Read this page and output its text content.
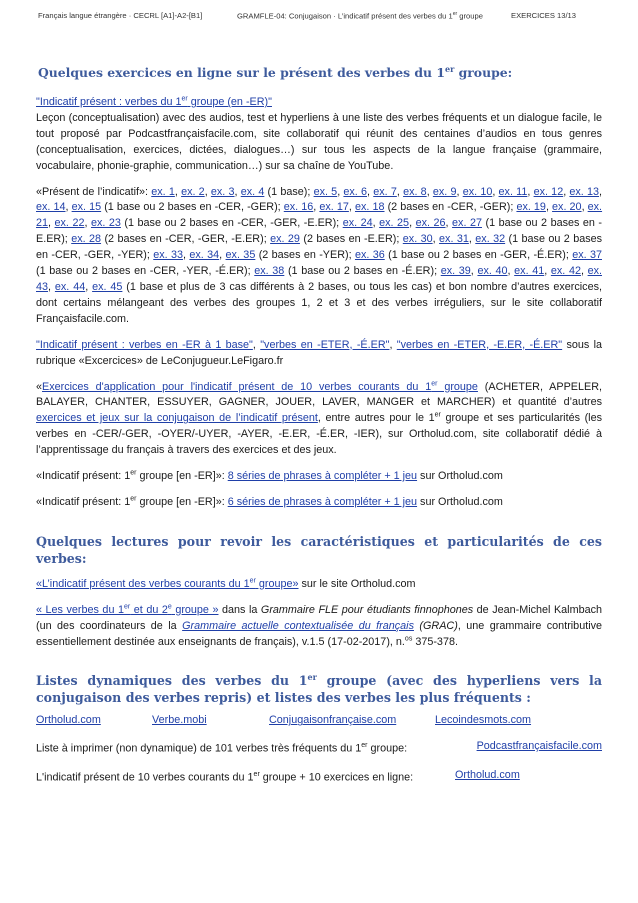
Français langue étrangère · CECRL [A1]-A2-[B1]	GRAMFLE-04: Conjugaison · L’indicatif présent des verbes du 1er groupe	EXERCICES 13/13
Quelques exercices en ligne sur le présent des verbes du 1er groupe:

"Indicatif présent : verbes du 1er groupe (en -ER)"
Leçon (conceptualisation) avec des audios, test et hyperliens à une liste des verbes fréquents et un dialogue facile, le tout proposé par Podcastfrançaisfacile.com, site collaboratif qui réunit des centaines d’audios en tous genres (conceptualisation, exercices, dictées, dialogues…) sur tous les aspects de la langue française (grammaire, vocabulaire, phonie-graphie, communication…) sur sa chaîne de YouTube.

«Présent de l’indicatif»: ex. 1, ex. 2, ex. 3, ex. 4 (1 base); ex. 5, ex. 6, ex. 7, ex. 8, ex. 9, ex. 10, ex. 11, ex. 12, ex. 13, ex. 14, ex. 15 (1 base ou 2 bases en -CER, -GER); ex. 16, ex. 17, ex. 18 (2 bases en -CER, -GER); ex. 19, ex. 20, ex. 21, ex. 22, ex. 23 (1 base ou 2 bases en -CER, -GER, -E.ER); ex. 24, ex. 25, ex. 26, ex. 27 (1 base ou 2 bases en -E.ER); ex. 28 (2 bases en -CER, -GER, -E.ER); ex. 29 (2 bases en -E.ER); ex. 30, ex. 31, ex. 32 (1 base ou 2 bases en -CER, -GER, -YER); ex. 33, ex. 34, ex. 35 (2 bases en -YER); ex. 36 (1 base ou 2 bases en -GER, -É.ER); ex. 37 (1 base ou 2 bases en -CER, -YER, -É.ER); ex. 38 (1 base ou 2 bases en -É.ER); ex. 39, ex. 40, ex. 41, ex. 42, ex. 43, ex. 44, ex. 45 (1 base et plus de 3 cas différents à 2 bases, ou tous les cas) et bon nombre d’autres exercices, dont certains mélangeant des verbes des groupes 1, 2 et 3 et des verbes irréguliers, sur le site collaboratif Françaisfacile.com.

"Indicatif présent : verbes en -ER à 1 base", "verbes en -ETER, -É.ER", "verbes en -ETER, -E.ER, -É.ER" sous la rubrique «Excercices» de LeConjugueur.LeFigaro.fr

«Exercices d'application pour l'indicatif présent de 10 verbes courants du 1er groupe (ACHETER, APPELER, BALAYER, CHANTER, ESSUYER, GAGNER, JOUER, LAVER, MANGER et MARCHER) et quantité d’autres exercices et jeux sur la conjugaison de l’indicatif présent, entre autres pour le 1er groupe et ses particularités (les verbes en -CER/-GER, -OYER/-UYER, -AYER, -E.ER, -É.ER, -IER), sur Ortholud.com, site collaboratif dédié à l’apprentissage du français à travers des exercices et des jeux.

«Indicatif présent: 1er groupe [en -ER]»: 8 séries de phrases à compléter + 1 jeu sur Ortholud.com

«Indicatif présent: 1er groupe [en -ER]»: 6 séries de phrases à compléter + 1 jeu sur Ortholud.com

Quelques lectures pour revoir les caractéristiques et particularités de ces verbes:

«L’indicatif présent des verbes courants du 1er groupe» sur le site Ortholud.com

« Les verbes du 1er et du 2e groupe » dans la Grammaire FLE pour étudiants finnophones de Jean-Michel Kalmbach (un des coordinateurs de la Grammaire actuelle contextualisée du français (GRAC), une grammaire contributive essentiellement destinée aux enseignants de français), v.1.5 (17-02-2017), n.$^{os}$ 375-378.

Listes dynamiques des verbes du 1er groupe (avec des hyperliens vers la conjugaison des verbes repris) et listes des verbes les plus fréquents :
Ortholud.com	Verbe.mobi	Conjugaisonfrançaise.com	Lecoindesmots.com
Liste à imprimer (non dynamique) de 101 verbes très fréquents du 1er groupe:	Podcastfrançaisfacile.com
L'indicatif présent de 10 verbes courants du 1er groupe + 10 exercices en ligne:	Ortholud.com
